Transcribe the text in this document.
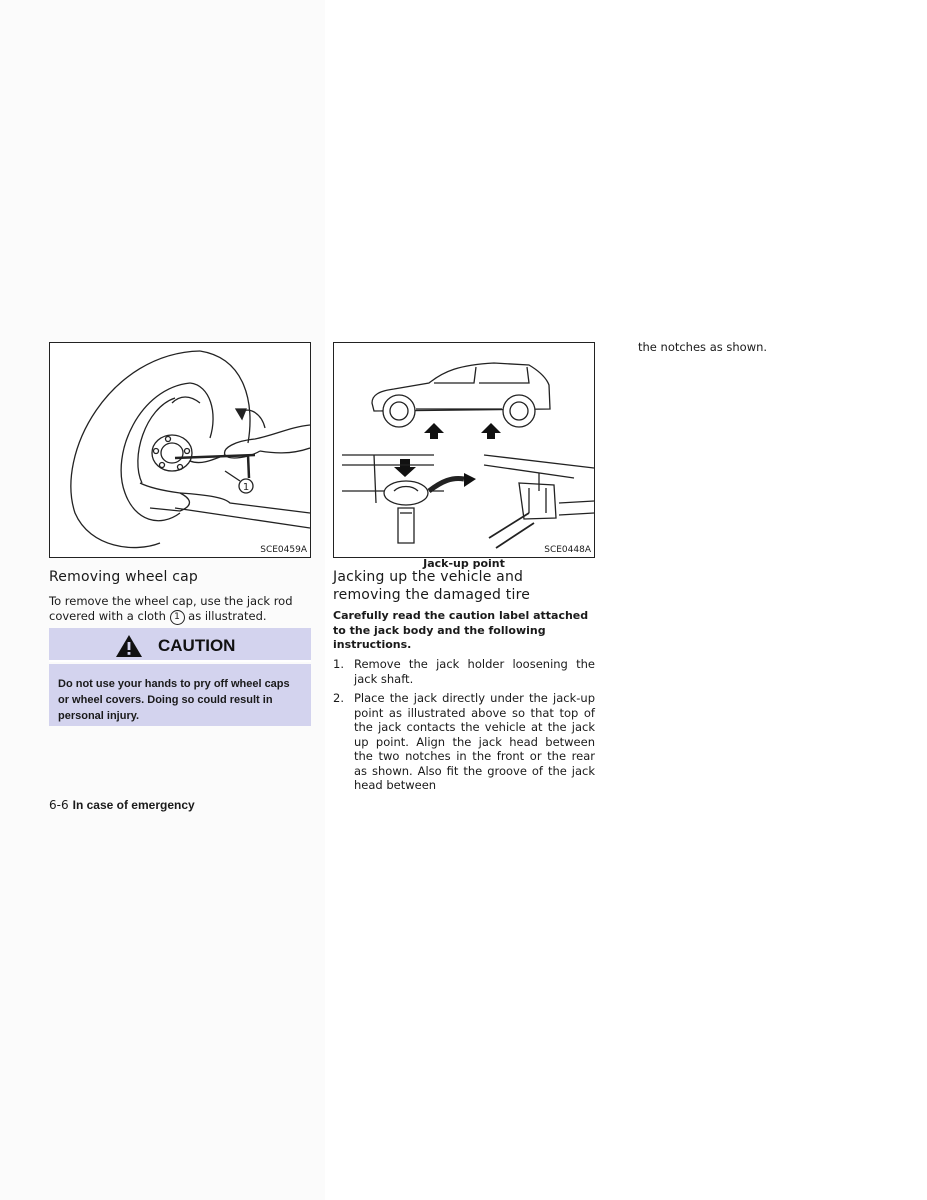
1
SCE0459A	SCE0448A
Jack-up point
Removing wheel cap
To remove the wheel cap, use the jack rod covered with a cloth 1 as illustrated.
CAUTION
Do not use your hands to pry off wheel caps or wheel covers. Doing so could result in personal injury.
Jacking up the vehicle and
removing the damaged tire
Carefully read the caution label attached to the jack body and the following instructions.
1. Remove the jack holder loosening the jack shaft.
2. Place the jack directly under the jack-up point as illustrated above so that top of the jack contacts the vehicle at the jack up point. Align the jack head between the two notches in the front or the rear as shown. Also fit the groove of the jack head between
the notches as shown.
6-6 In case of emergency
